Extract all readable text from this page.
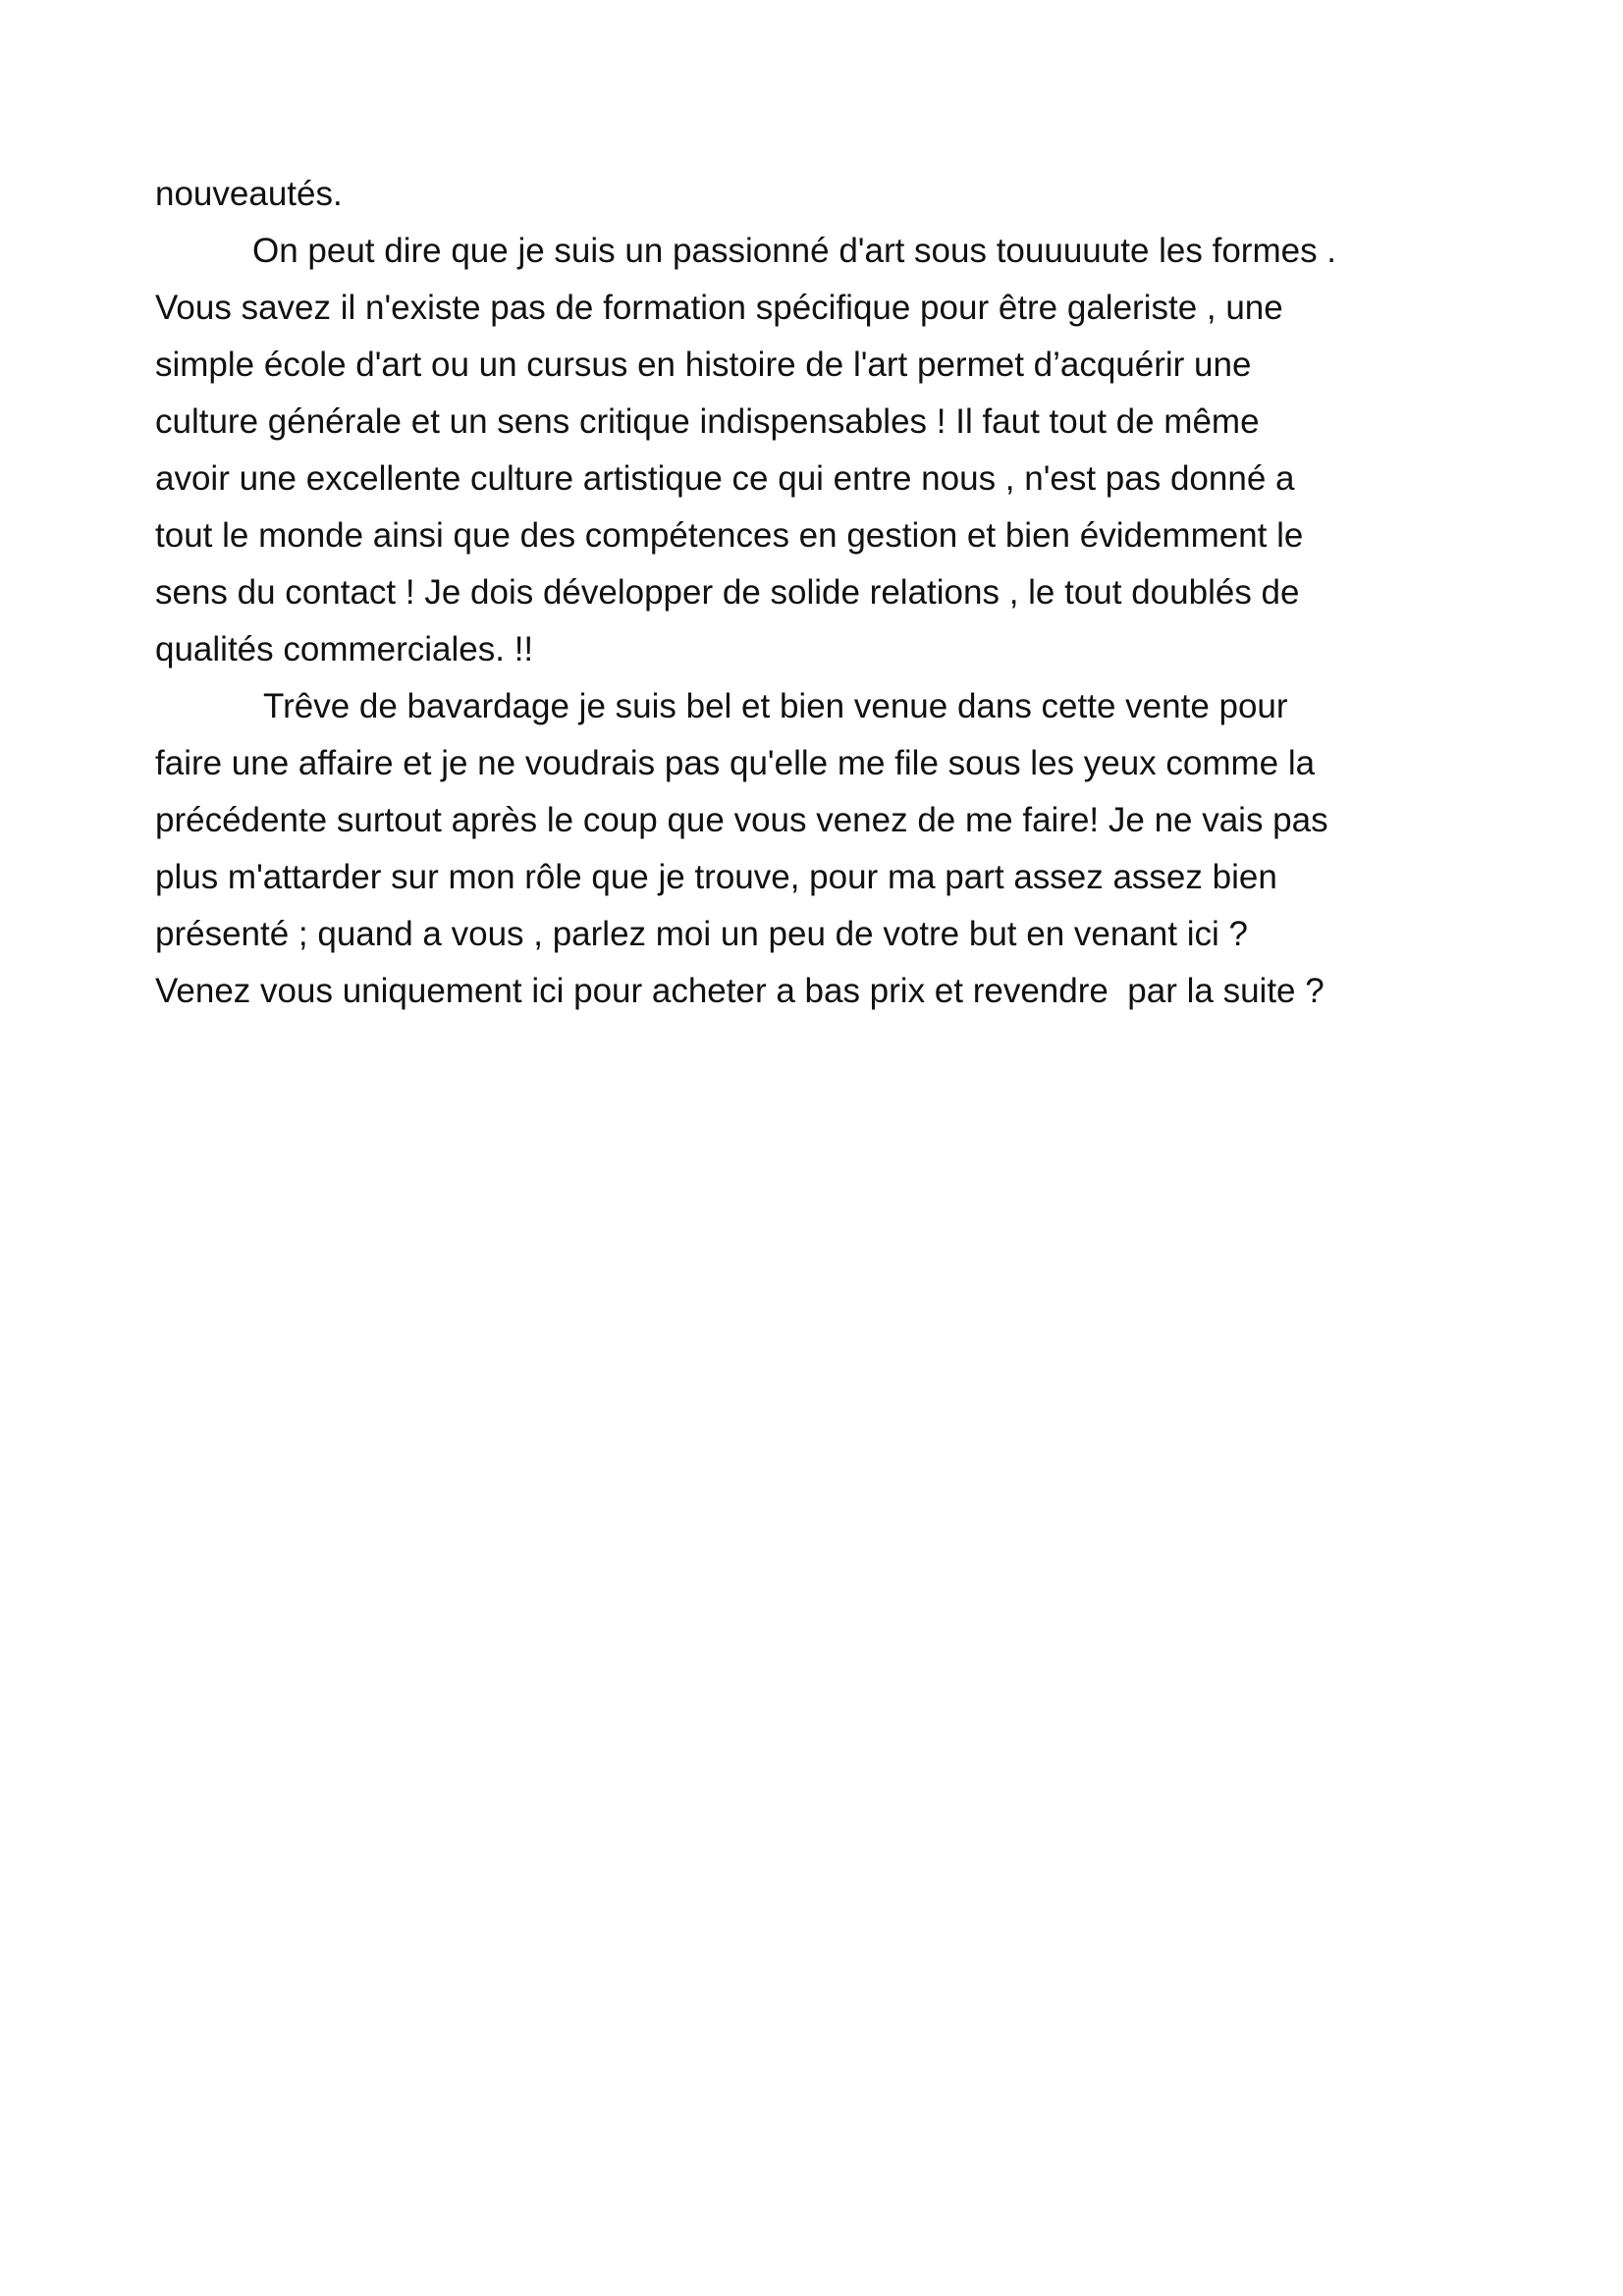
nouveautés.
On peut dire que je suis un passionné d'art sous touuuuute les formes .
Vous savez il n'existe pas de formation spécifique pour être galeriste , une
simple école d'art ou un cursus en histoire de l'art permet d’acquérir une
culture générale et un sens critique indispensables ! Il faut tout de même
avoir une excellente culture artistique ce qui entre nous , n'est pas donné a
tout le monde ainsi que des compétences en gestion et bien évidemment le
sens du contact ! Je dois développer de solide relations , le tout doublés de
qualités commerciales. !!
Trêve de bavardage je suis bel et bien venue dans cette vente pour
faire une affaire et je ne voudrais pas qu'elle me file sous les yeux comme la
précédente surtout après le coup que vous venez de me faire! Je ne vais pas
plus m'attarder sur mon rôle que je trouve, pour ma part assez assez bien
présenté ; quand a vous , parlez moi un peu de votre but en venant ici ?
Venez vous uniquement ici pour acheter a bas prix et revendre  par la suite ?
